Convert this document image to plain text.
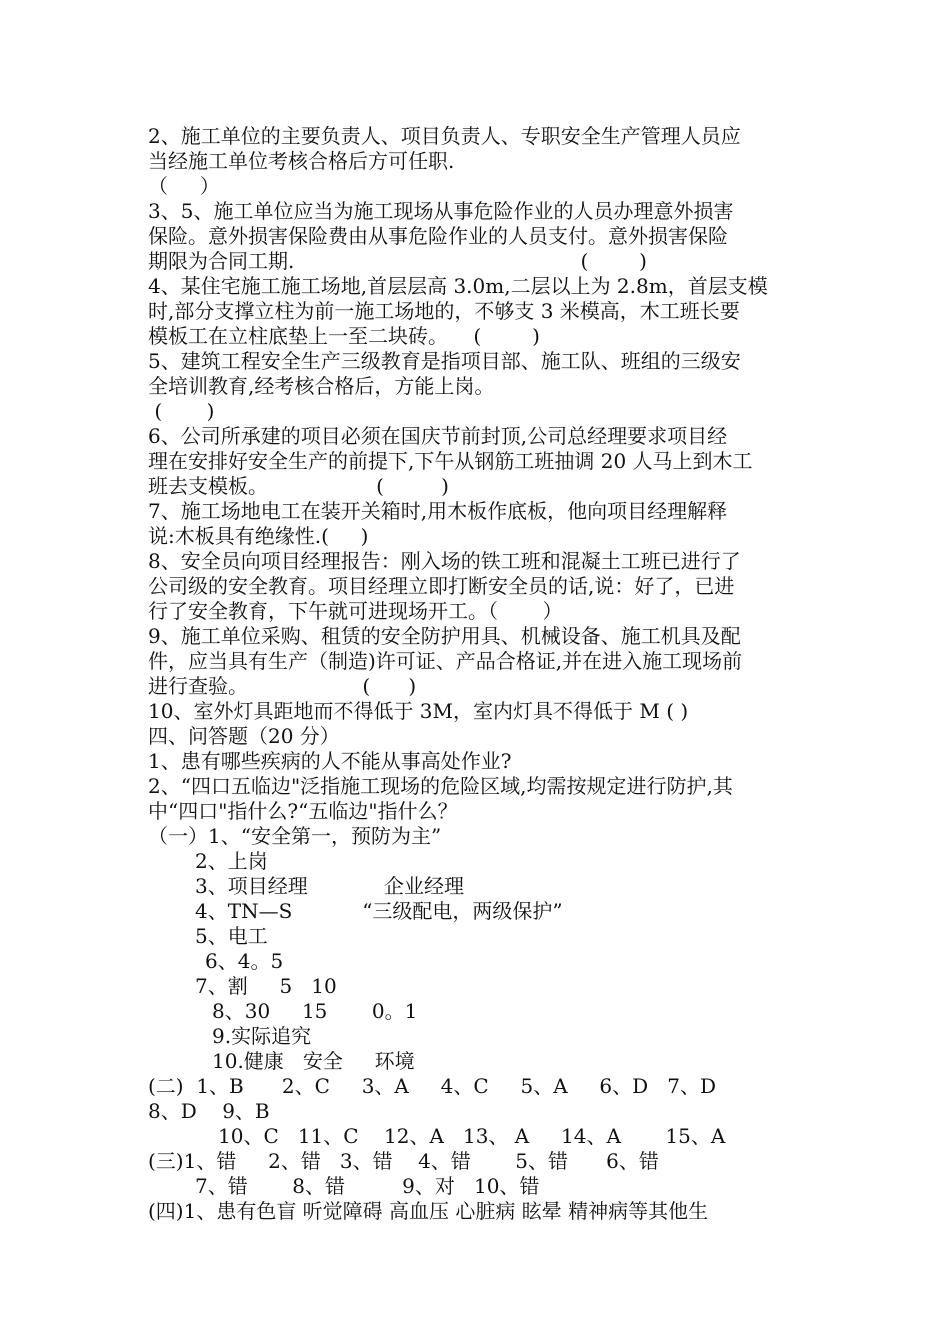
2、施工单位的主要负责人、项目负责人、专职安全生产管理人员应
当经施工单位考核合格后方可任职.
（     ）
3、5、施工单位应当为施工现场从事危险作业的人员办理意外损害
保险。意外损害保险费由从事危险作业的人员支付。意外损害保险
期限为合同工期.                                             (        )
4、某住宅施工施工场地,首层层高 3.0m,二层以上为 2.8m，首层支模
时,部分支撑立柱为前一施工场地的，不够支 3 米模高，木工班长要
模板工在立柱底垫上一至二块砖。    (        )
5、建筑工程安全生产三级教育是指项目部、施工队、班组的三级安
全培训教育,经考核合格后，方能上岗。
(       )
6、公司所承建的项目必须在国庆节前封顶,公司总经理要求项目经
理在安排好安全生产的前提下,下午从钢筋工班抽调 20 人马上到木工
班去支模板。                 (         )
7、施工场地电工在装开关箱时,用木板作底板，他向项目经理解释
说:木板具有绝缘性.(     )
8、安全员向项目经理报告：刚入场的铁工班和混凝土工班已进行了
公司级的安全教育。项目经理立即打断安全员的话,说：好了，已进
行了安全教育，下午就可进现场开工。（       ）
9、施工单位采购、租赁的安全防护用具、机械设备、施工机具及配
件，应当具有生产（制造)许可证、产品合格证,并在进入施工现场前
进行查验。                  (      )
10、室外灯具距地而不得低于 3M，室内灯具不得低于 M ( )
四、问答题（20 分）
1、患有哪些疾病的人不能从事高处作业?
2、“四口五临边"泛指施工现场的危险区域,均需按规定进行防护,其
中“四口"指什么?“五临边"指什么？
（一）1、“安全第一，预防为主”
2、上岗
3、项目经理            企业经理
4、TN—S           “三级配电，两级保护”
5、电工
6、4。5
7、割     5   10
8、30     15       0。1
9.实际追究
10.健康   安全     环境
(二)  1、B      2、C     3、A     4、C     5、A     6、D   7、D
8、D    9、B
10、C   11、C    12、A   13、 A     14、A       15、A
(三)1、错     2、错   3、错    4、错       5、错      6、错
7、错       8、错         9、对   10、错
(四)1、患有色盲 听觉障碍 高血压 心脏病 眩晕 精神病等其他生
